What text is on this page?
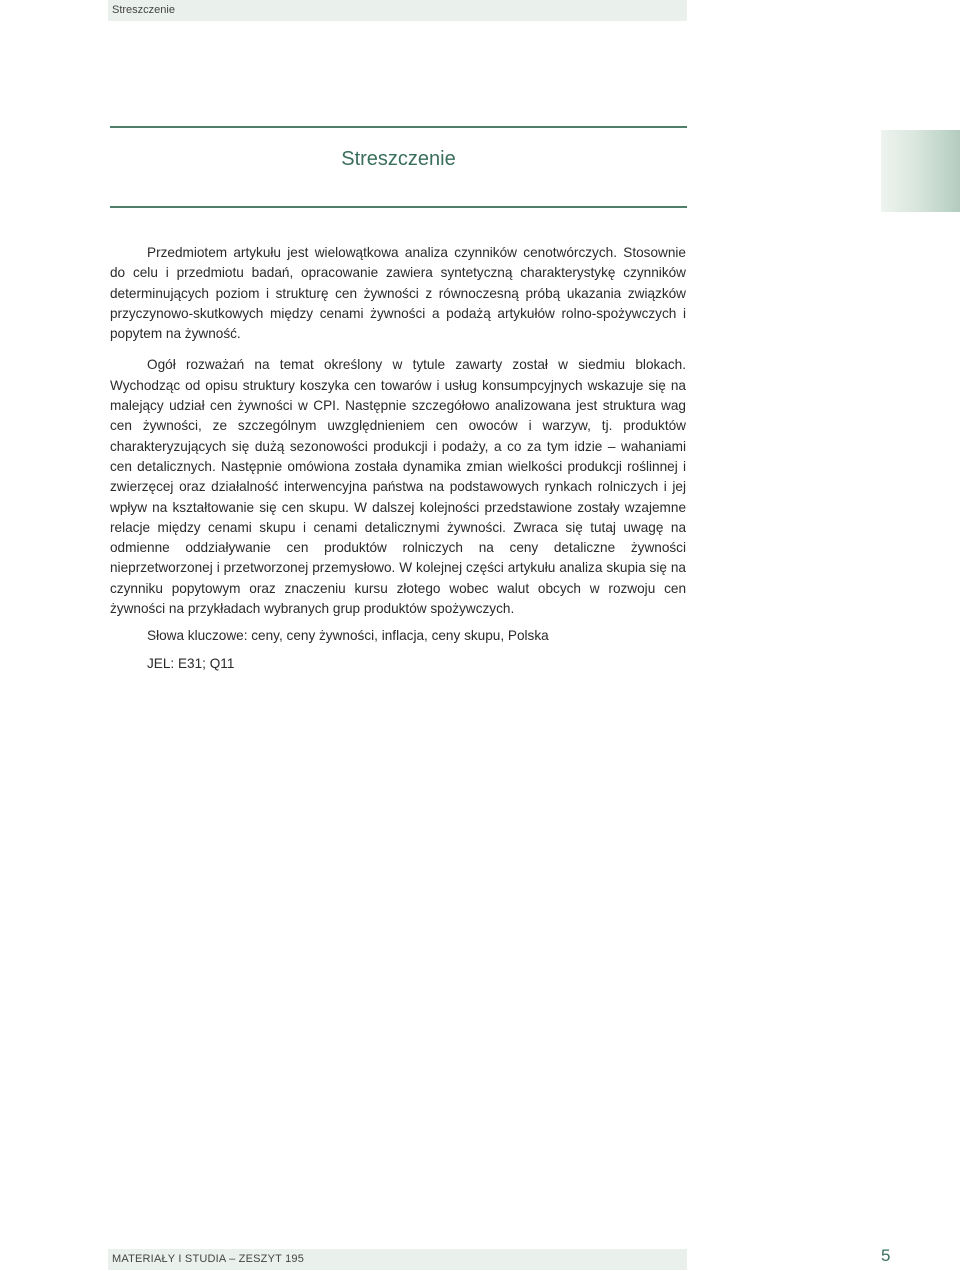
Streszczenie
Streszczenie

Przedmiotem artykułu jest wielowątkowa analiza czynników cenotwórczych. Stosownie do celu i przedmiotu badań, opracowanie zawiera syntetyczną charakterystykę czynników determinujących poziom i strukturę cen żywności z równoczesną próbą ukazania związków przyczynowo-skutkowych między cenami żywności a podażą artykułów rolno-spożywczych i popytem na żywność.

Ogół rozważań na temat określony w tytule zawarty został w siedmiu blokach. Wychodząc od opisu struktury koszyka cen towarów i usług konsumpcyjnych wskazuje się na malejący udział cen żywności w CPI. Następnie szczegółowo analizowana jest struktura wag cen żywności, ze szczególnym uwzględnieniem cen owoców i warzyw, tj. produktów charakteryzujących się dużą sezonowości produkcji i podaży, a co za tym idzie – wahaniami cen detalicznych. Następnie omówiona została dynamika zmian wielkości produkcji roślinnej i zwierzęcej oraz działalność interwencyjna państwa na podstawowych rynkach rolniczych i jej wpływ na kształtowanie się cen skupu. W dalszej kolejności przedstawione zostały wzajemne relacje między cenami skupu i cenami detalicznymi żywności. Zwraca się tutaj uwagę na odmienne oddziaływanie cen produktów rolniczych na ceny detaliczne żywności nieprzetworzonej i przetworzonej przemysłowo. W kolejnej części artykułu analiza skupia się na czynniku popytowym oraz znaczeniu kursu złotego wobec walut obcych w rozwoju cen żywności na przykładach wybranych grup produktów spożywczych.

Słowa kluczowe: ceny, ceny żywności, inflacja, ceny skupu, Polska

JEL: E31; Q11

MATERIAŁY I STUDIA – ZESZYT 195	5
